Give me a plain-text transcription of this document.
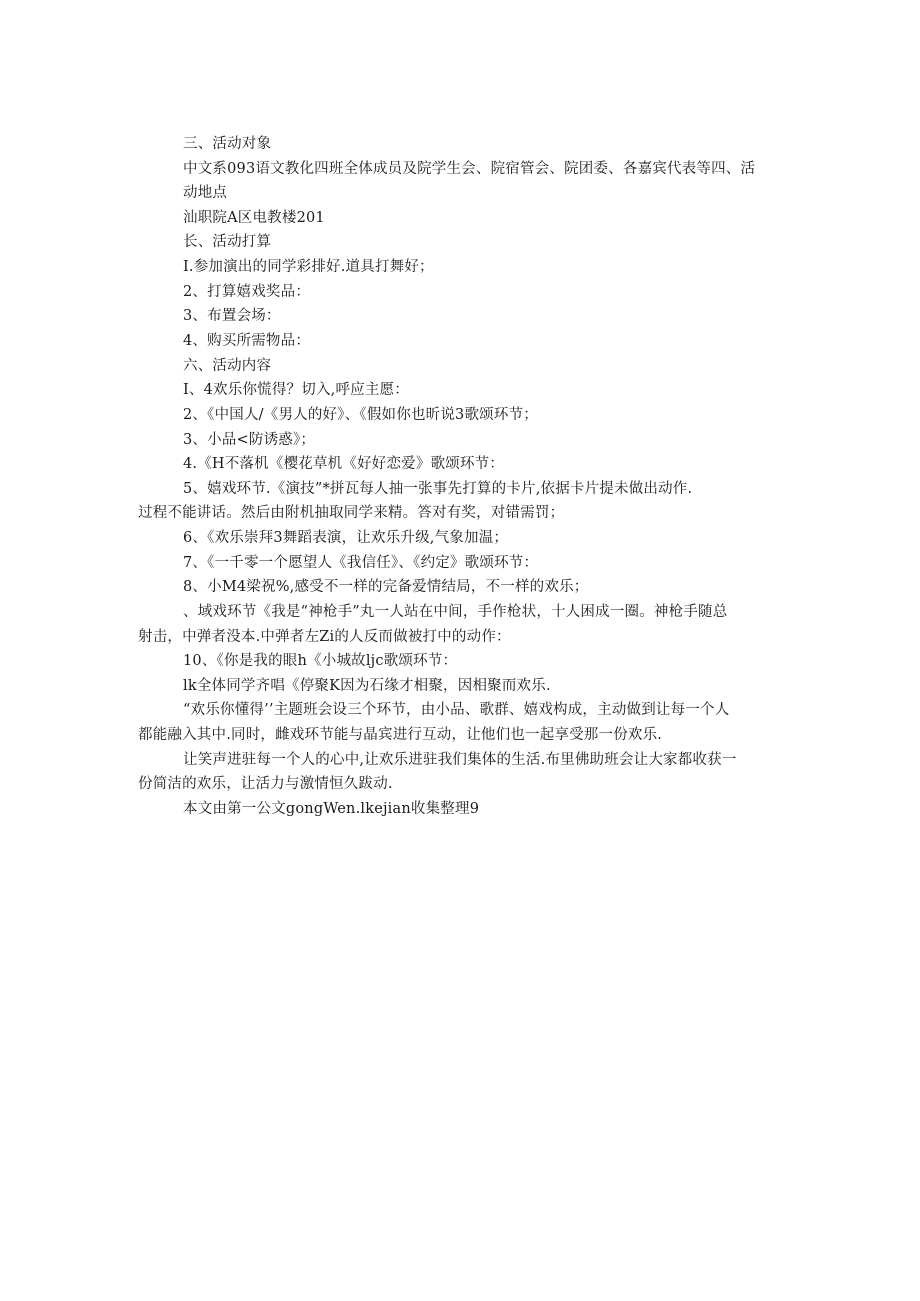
三、活动对象
中文系093语文教化四班全体成员及院学生会、院宿管会、院团委、各嘉宾代表等四、活
动地点
汕职院A区电教楼201
长、活动打算
I.参加演出的同学彩排好.道具打舞好；
2、打算嬉戏奖品：
3、布置会场：
4、购买所需物品：
六、活动内容
I、4欢乐你慌得？切入,呼应主愿：
2、《中国人/《男人的好》、《假如你也昕说3歌颂环节；
3、小品<防诱惑》；
4.《H不落机《樱花草机《好好恋爱》歌颂环节：
5、嬉戏环节.《演技”*拼瓦每人抽一张事先打算的卡片,依据卡片提未做出动作.
过程不能讲话。然后由附机抽取同学来精。答对有奖，对错需罚；
6、《欢乐崇拜3舞蹈表演，让欢乐升级,气象加温；
7、《一千零一个愿望人《我信任》、《约定》歌颂环节：
8、小M4梁祝%,感受不一样的完备爱情结局，不一样的欢乐；
、域戏环节《我是“神枪手”丸一人站在中间，手作枪状，十人困成一圈。神枪手随总
射击，中弹者没本.中弹者左Zi的人反而做被打中的动作：
10、《你是我的眼h《小城故ljc歌颂环节：
lk全体同学齐唱《停聚K因为石缘才相聚，因相聚而欢乐.
“欢乐你懂得’’主题班会设三个环节，由小品、歌群、嬉戏构成，主动做到让每一个人
都能融入其中.同时，雌戏环节能与晶宾进行互动，让他们也一起享受那一份欢乐.
让笑声进驻每一个人的心中,让欢乐进驻我们集体的生活.布里佛助班会让大家都收获一
份简洁的欢乐，让活力与激情恒久跋动.
本文由第一公文gongWen.lkejian收集整理9
